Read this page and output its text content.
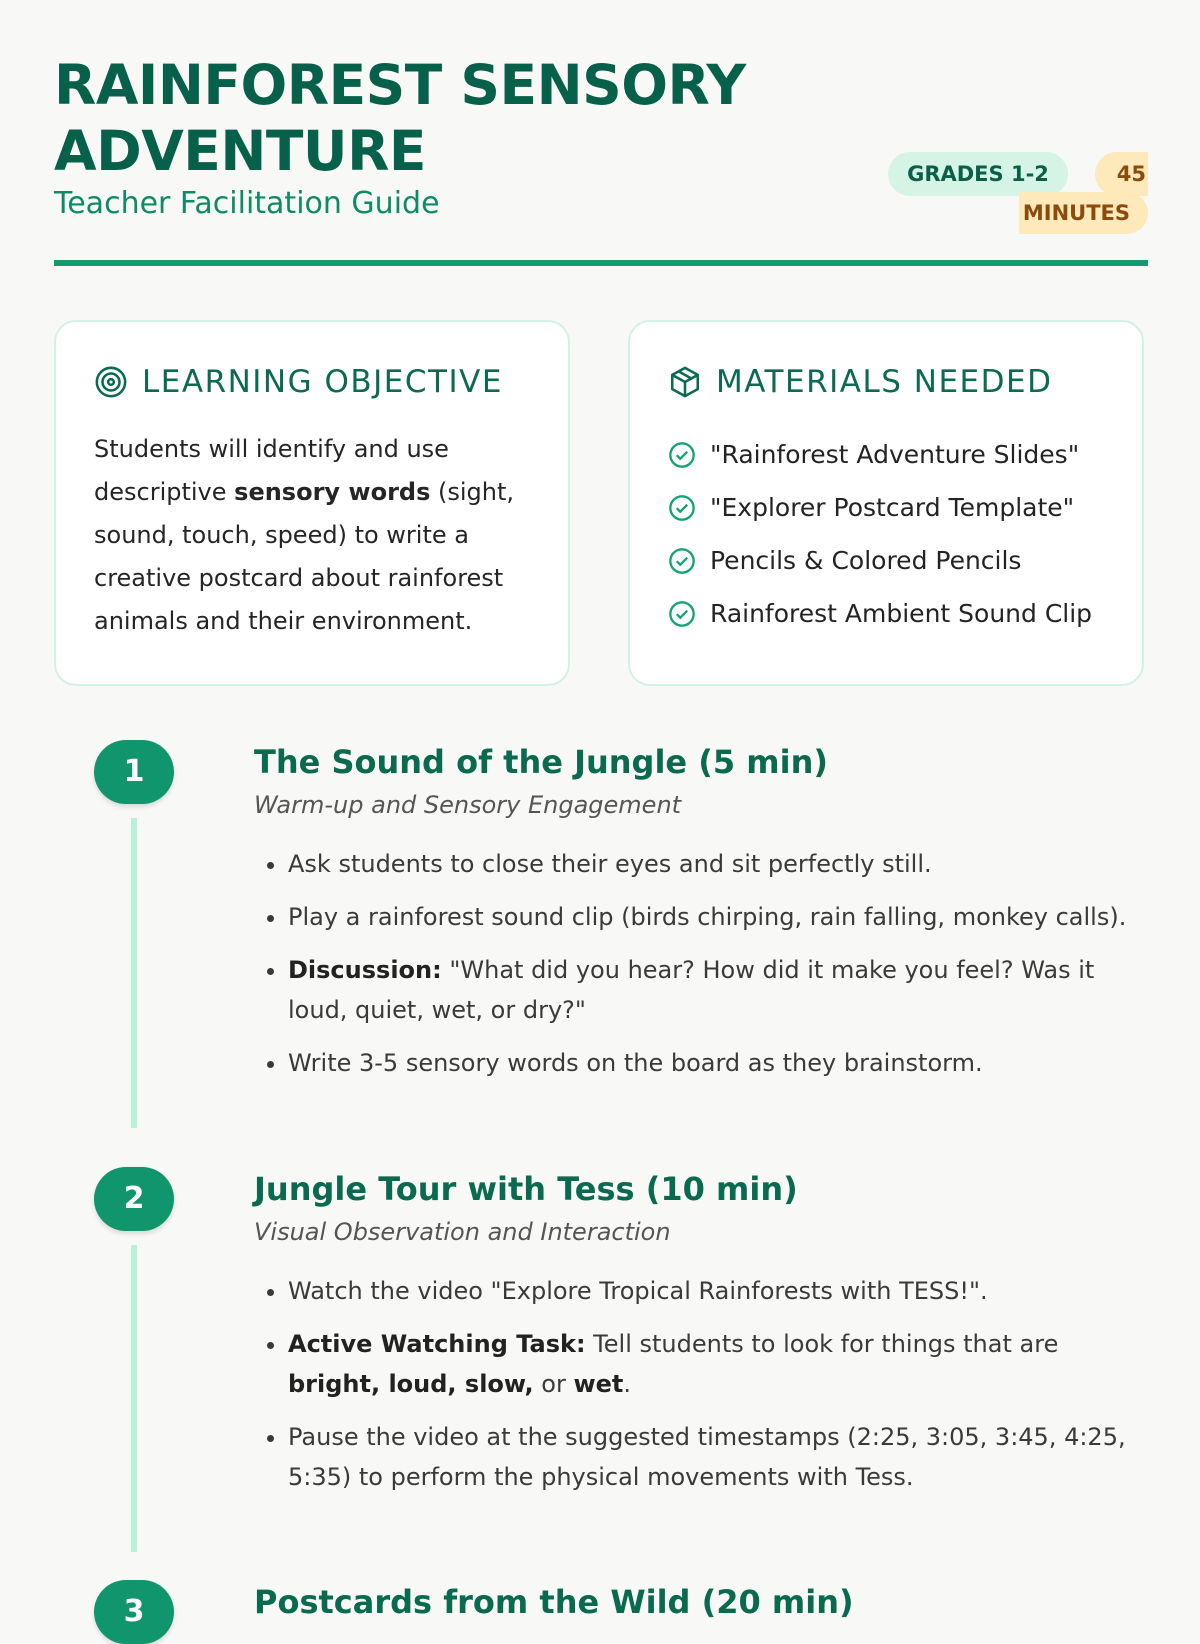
RAINFOREST SENSORY ADVENTURE
Teacher Facilitation Guide
GRADES 1-2	45
MINUTES
LEARNING OBJECTIVE

Students will identify and use descriptive sensory words (sight, sound, touch, speed) to write a creative postcard about rainforest animals and their environment.

MATERIALS NEEDED
"Rainforest Adventure Slides"
"Explorer Postcard Template"
Pencils & Colored Pencils
Rainforest Ambient Sound Clip
1	The Sound of the Jungle (5 min)
Warm-up and Sensory Engagement
• Ask students to close their eyes and sit perfectly still.
• Play a rainforest sound clip (birds chirping, rain falling, monkey calls).
• Discussion: "What did you hear? How did it make you feel? Was it loud, quiet, wet, or dry?"
• Write 3-5 sensory words on the board as they brainstorm.
2	Jungle Tour with Tess (10 min)
Visual Observation and Interaction
• Watch the video "Explore Tropical Rainforests with TESS!".
• Active Watching Task: Tell students to look for things that are bright, loud, slow, or wet.
• Pause the video at the suggested timestamps (2:25, 3:05, 3:45, 4:25, 5:35) to perform the physical movements with Tess.
3	Postcards from the Wild (20 min)
